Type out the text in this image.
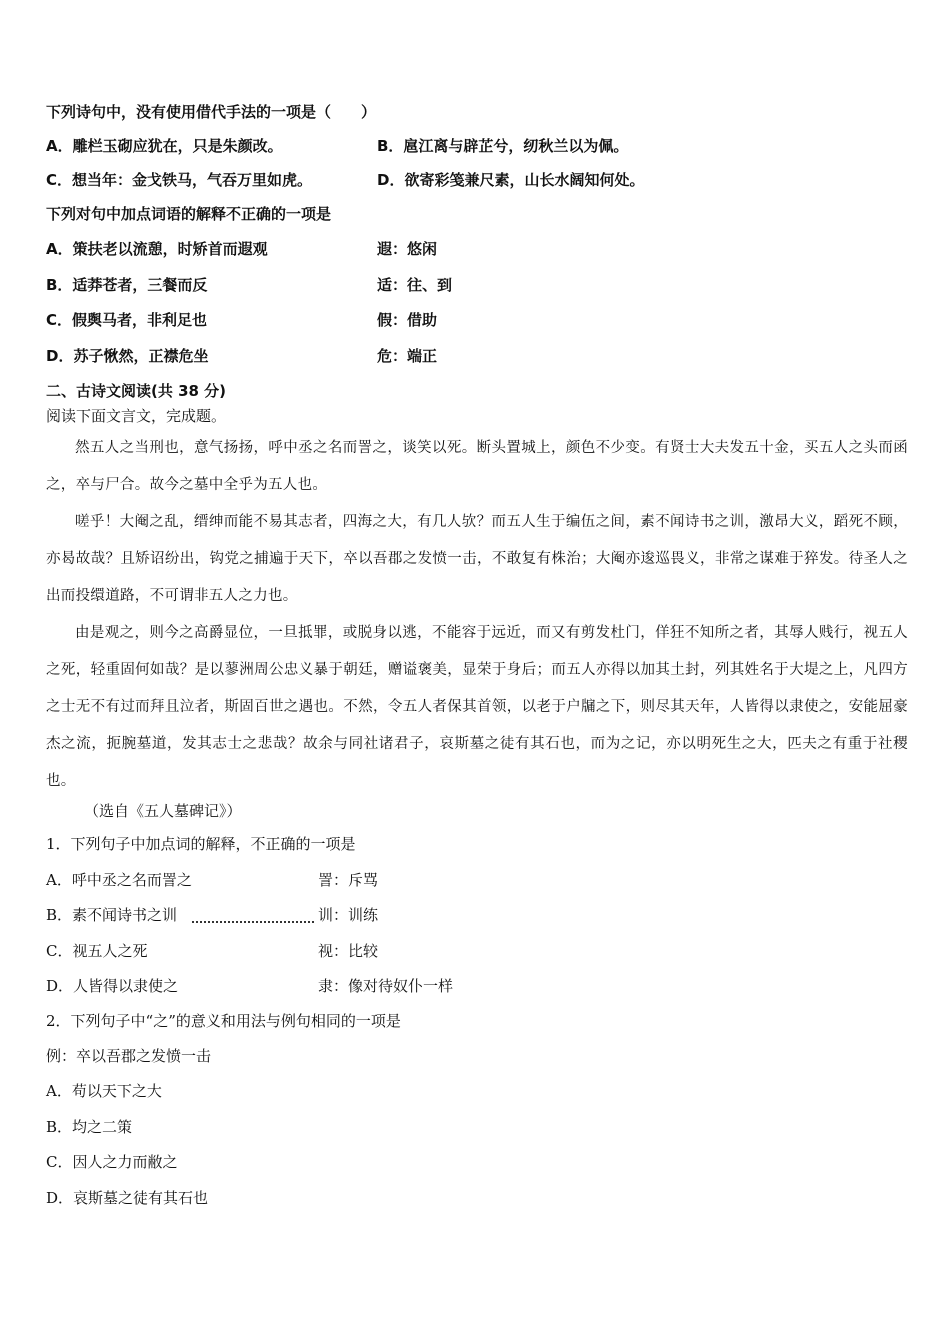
下列诗句中，没有使用借代手法的一项是（　　）
A．雕栏玉砌应犹在，只是朱颜改。	B．扈江离与辟芷兮，纫秋兰以为佩。
C．想当年：金戈铁马，气吞万里如虎。	D．欲寄彩笺兼尺素，山长水阔知何处。
下列对句中加点词语的解释不正确的一项是
A．策扶老以流憩，时矫首而遐观	遐：悠闲
B．适莽苍者，三餐而反	适：往、到
C．假舆马者，非利足也	假：借助
D．苏子愀然，正襟危坐	危：端正
二、古诗文阅读(共 38 分)
阅读下面文言文，完成题。

然五人之当刑也，意气扬扬，呼中丞之名而詈之，谈笑以死。断头置城上，颜色不少变。有贤士大夫发五十金，买五人之头而函之，卒与尸合。故今之墓中全乎为五人也。

嗟乎！大阉之乱，缙绅而能不易其志者，四海之大，有几人欤？而五人生于编伍之间，素不闻诗书之训，激昂大义，蹈死不顾，亦曷故哉？且矫诏纷出，钩党之捕遍于天下，卒以吾郡之发愤一击，不敢复有株治；大阉亦逡巡畏义，非常之谋难于猝发。待圣人之出而投缳道路，不可谓非五人之力也。

由是观之，则今之高爵显位，一旦抵罪，或脱身以逃，不能容于远近，而又有剪发杜门，佯狂不知所之者，其辱人贱行，视五人之死，轻重固何如哉？是以蓼洲周公忠义暴于朝廷，赠谥褒美，显荣于身后；而五人亦得以加其土封，列其姓名于大堤之上，凡四方之士无不有过而拜且泣者，斯固百世之遇也。不然，令五人者保其首领，以老于户牖之下，则尽其天年，人皆得以隶使之，安能屈豪杰之流，扼腕墓道，发其志士之悲哉？故余与同社诸君子，哀斯墓之徒有其石也，而为之记，亦以明死生之大，匹夫之有重于社稷也。

（选自《五人墓碑记》）
1．下列句子中加点词的解释，不正确的一项是
A．呼中丞之名而詈之	詈：斥骂
B．素不闻诗书之训	训：训练
C．视五人之死	视：比较
D．人皆得以隶使之	隶：像对待奴仆一样
2．下列句子中“之”的意义和用法与例句相同的一项是
例：卒以吾郡之发愤一击
A．苟以天下之大
B．均之二策
C．因人之力而敝之
D．哀斯墓之徒有其石也
